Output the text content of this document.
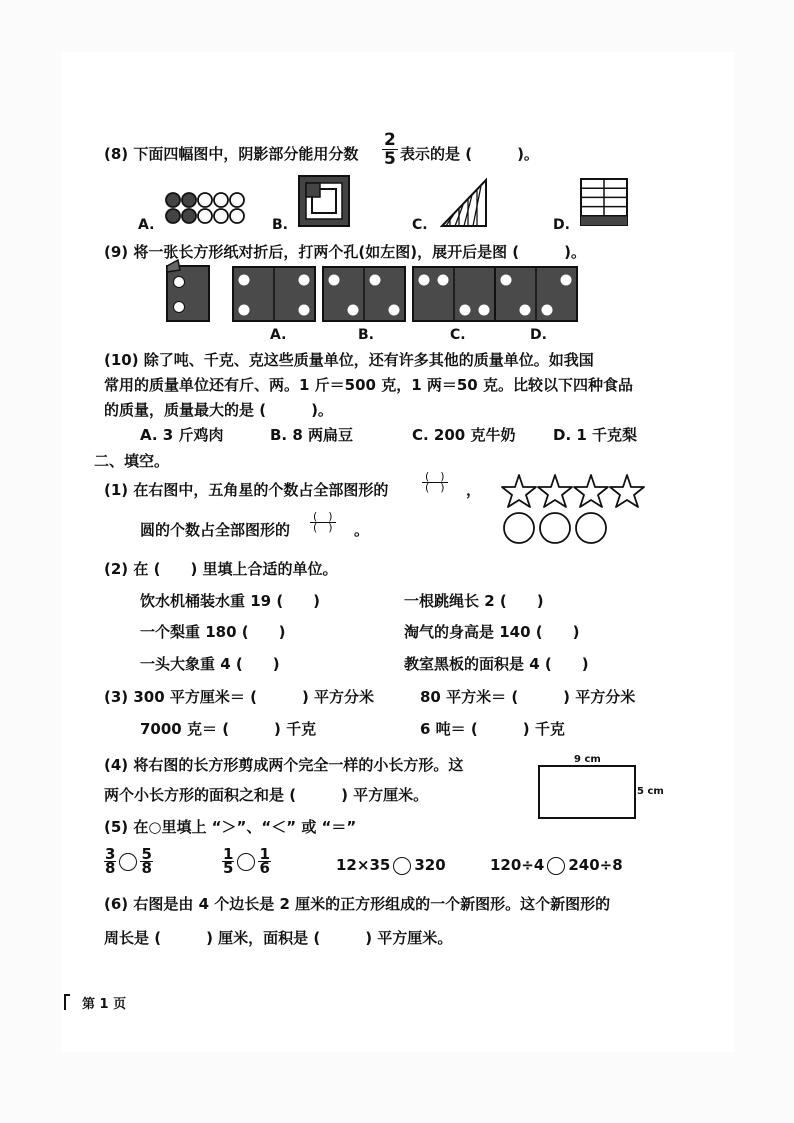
(8) 下面四幅图中，阴影部分能用分数 $\frac{2}{5}$ 表示的是 (　　　)。
A.	B.	C.	D.
(9) 将一张长方形纸对折后，打两个孔(如左图)，展开后是图 (　　　)。
A.	B.	C.	D.
(10) 除了吨、千克、克这些质量单位，还有许多其他的质量单位。如我国
常用的质量单位还有斤、两。1 斤＝500 克，1 两＝50 克。比较以下四种食品
的质量，质量最大的是 (　　　)。
A. 3 斤鸡肉	B. 8 两扁豆	C. 200 克牛奶	D. 1 千克梨
二、填空。
(1) 在右图中，五角星的个数占全部图形的
(　)
(　) ，
圆的个数占全部图形的
(　)
(　) 。
(2) 在 (　　) 里填上合适的单位。
饮水机桶装水重 19 (　　)	一根跳绳长 2 (　　)
一个梨重 180 (　　)	淘气的身高是 140 (　　)
一头大象重 4 (　　)	教室黑板的面积是 4 (　　)
(3) 300 平方厘米＝ (　　　) 平方分米	80 平方米＝ (　　　) 平方分米
7000 克＝ (　　　) 千克	6 吨＝ (　　　) 千克
(4) 将右图的长方形剪成两个完全一样的小长方形。这
两个小长方形的面积之和是 (　　　) 平方厘米。
9 cm
5 cm
(5) 在○里填上 “＞”、“＜” 或 “＝”
$\frac{3}{8} \frac{5}{8}$	$\frac{1}{5} \frac{1}{6}$	12×35 320	120÷4 240÷8
(6) 右图是由 4 个边长是 2 厘米的正方形组成的一个新图形。这个新图形的
周长是 (　　　) 厘米，面积是 (　　　) 平方厘米。
第 1 页
